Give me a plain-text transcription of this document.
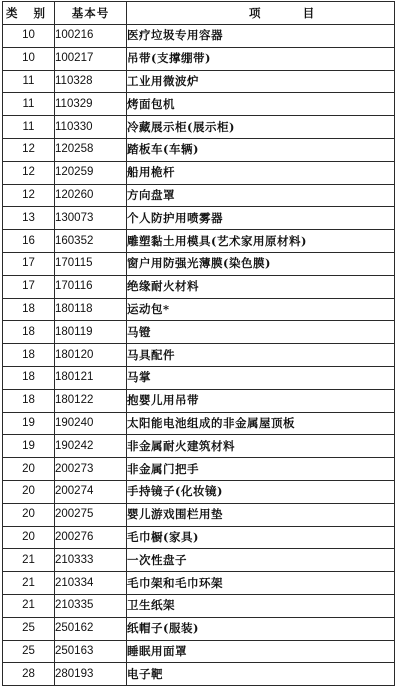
类 别	基本号	项 目
10	100216	医疗垃圾专用容器
10	100217	吊带(支撑绷带)
11	110328	工业用微波炉
11	110329	烤面包机
11	110330	冷藏展示柜(展示柜)
12	120258	踏板车(车辆)
12	120259	船用桅杆
12	120260	方向盘罩
13	130073	个人防护用喷雾器
16	160352	雕塑黏土用模具(艺术家用原材料)
17	170115	窗户用防强光薄膜(染色膜)
17	170116	绝缘耐火材料
18	180118	运动包*
18	180119	马镫
18	180120	马具配件
18	180121	马掌
18	180122	抱婴儿用吊带
19	190240	太阳能电池组成的非金属屋顶板
19	190242	非金属耐火建筑材料
20	200273	非金属门把手
20	200274	手持镜子(化妆镜)
20	200275	婴儿游戏围栏用垫
20	200276	毛巾橱(家具)
21	210333	一次性盘子
21	210334	毛巾架和毛巾环架
21	210335	卫生纸架
25	250162	纸帽子(服装)
25	250163	睡眠用面罩
28	280193	电子靶
